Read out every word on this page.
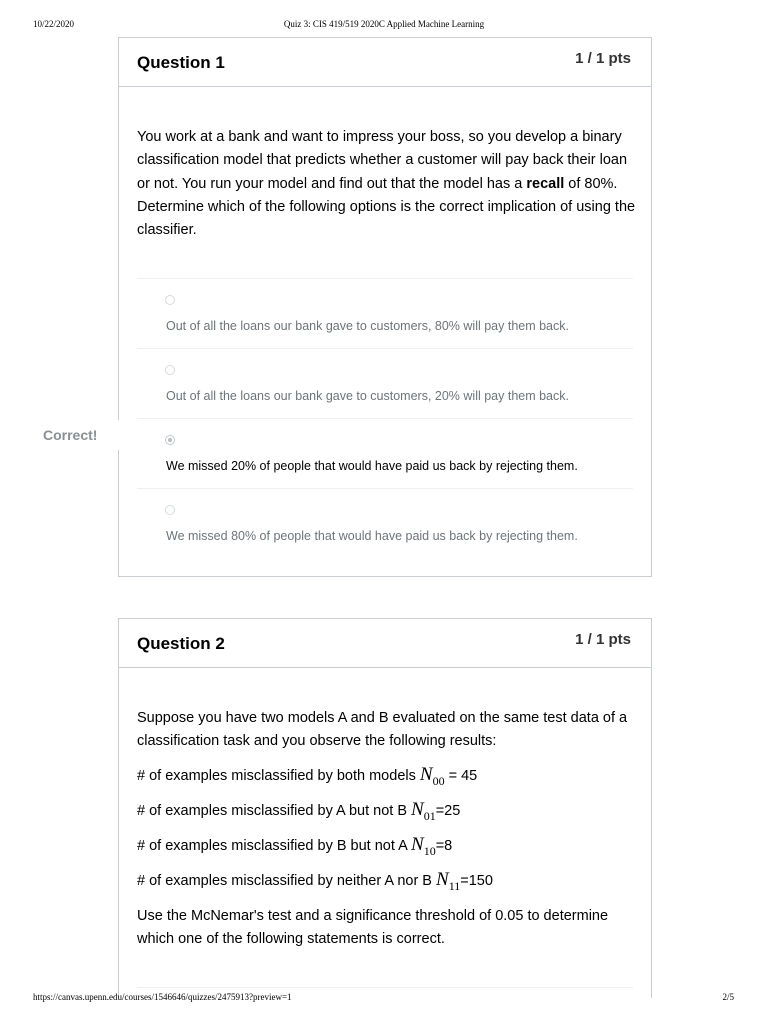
10/22/2020	Quiz 3: CIS 419/519 2020C Applied Machine Learning
Question 1	1 / 1 pts
You work at a bank and want to impress your boss, so you develop a binary classification model that predicts whether a customer will pay back their loan or not. You run your model and find out that the model has a recall of 80%. Determine which of the following options is the correct implication of using the classifier.
Out of all the loans our bank gave to customers, 80% will pay them back.
Out of all the loans our bank gave to customers, 20% will pay them back.
We missed 20% of people that would have paid us back by rejecting them.
We missed 80% of people that would have paid us back by rejecting them.
Correct!
Question 2	1 / 1 pts
Suppose you have two models A and B evaluated on the same test data of a classification task and you observe the following results:
# of examples misclassified by both models $N_{00} = 45$
# of examples misclassified by A but not B $N_{01}=25$
# of examples misclassified by B but not A $N_{10}=8$
# of examples misclassified by neither A nor B $N_{11}=150$
Use the McNemar's test and a significance threshold of 0.05 to determine which one of the following statements is correct.
https://canvas.upenn.edu/courses/1546646/quizzes/2475913?preview=1	2/5
